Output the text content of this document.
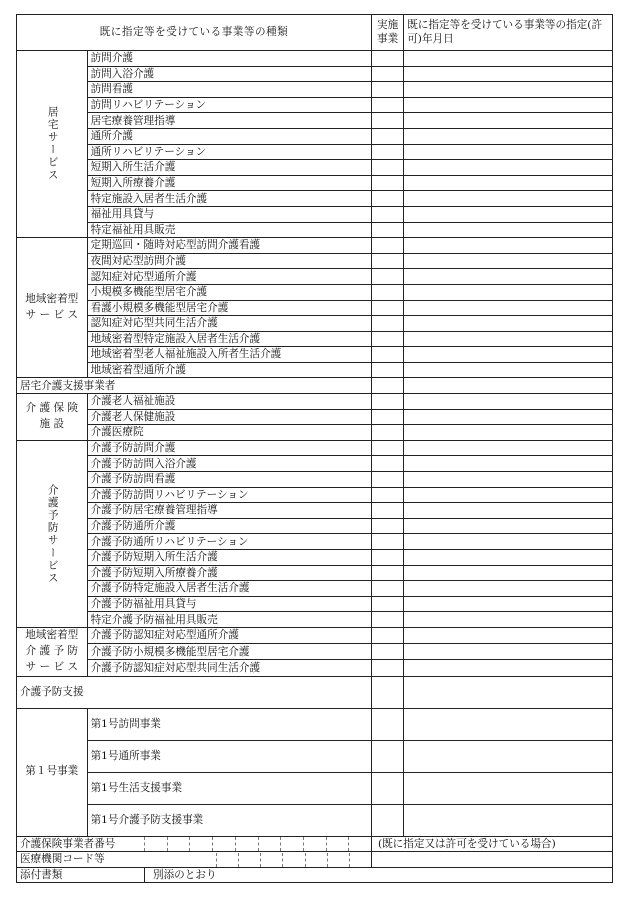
既に指定等を受けている事業等の種類		実施事業	既に指定等を受けている事業等の指定(許可)年月日

居宅サービス	訪問介護		
	訪問入浴介護		
	訪問看護		
	訪問リハビリテーション		
	居宅療養管理指導		
	通所介護		
	通所リハビリテーション		
	短期入所生活介護		
	短期入所療養介護		
	特定施設入居者生活介護		
	福祉用具貸与		
	特定福祉用具販売		

地域密着型
サ ー ビ ス	定期巡回・随時対応型訪問介護看護		
	夜間対応型訪問介護		
	認知症対応型通所介護		
	小規模多機能型居宅介護		
	看護小規模多機能型居宅介護		
	認知症対応型共同生活介護		
	地域密着型特定施設入居者生活介護		
	地域密着型老人福祉施設入所者生活介護		
	地域密着型通所介護		
居宅介護支援事業者			

介 護 保 険
施 設	介護老人福祉施設		
	介護老人保健施設		
	介護医療院		

介護予防サービス	介護予防訪問介護		
	介護予防訪問入浴介護		
	介護予防訪問看護		
	介護予防訪問リハビリテーション		
	介護予防居宅療養管理指導		
	介護予防通所介護		
	介護予防通所リハビリテーション		
	介護予防短期入所生活介護		
	介護予防短期入所療養介護		
	介護予防特定施設入居者生活介護		
	介護予防福祉用具貸与		
	特定介護予防福祉用具販売		

地域密着型
介 護 予 防
サ ー ビ ス	介護予防認知症対応型通所介護		
	介護予防小規模多機能型居宅介護		
	介護予防認知症対応型共同生活介護		
介護予防支援			

第１号事業	第1号訪問事業		
	第1号通所事業		
	第1号生活支援事業		
	第1号介護予防支援事業		

介護保険事業者番号		(既に指定又は許可を受けている場合)	

医療機関コード等			

添付書類 別添のとおり			
